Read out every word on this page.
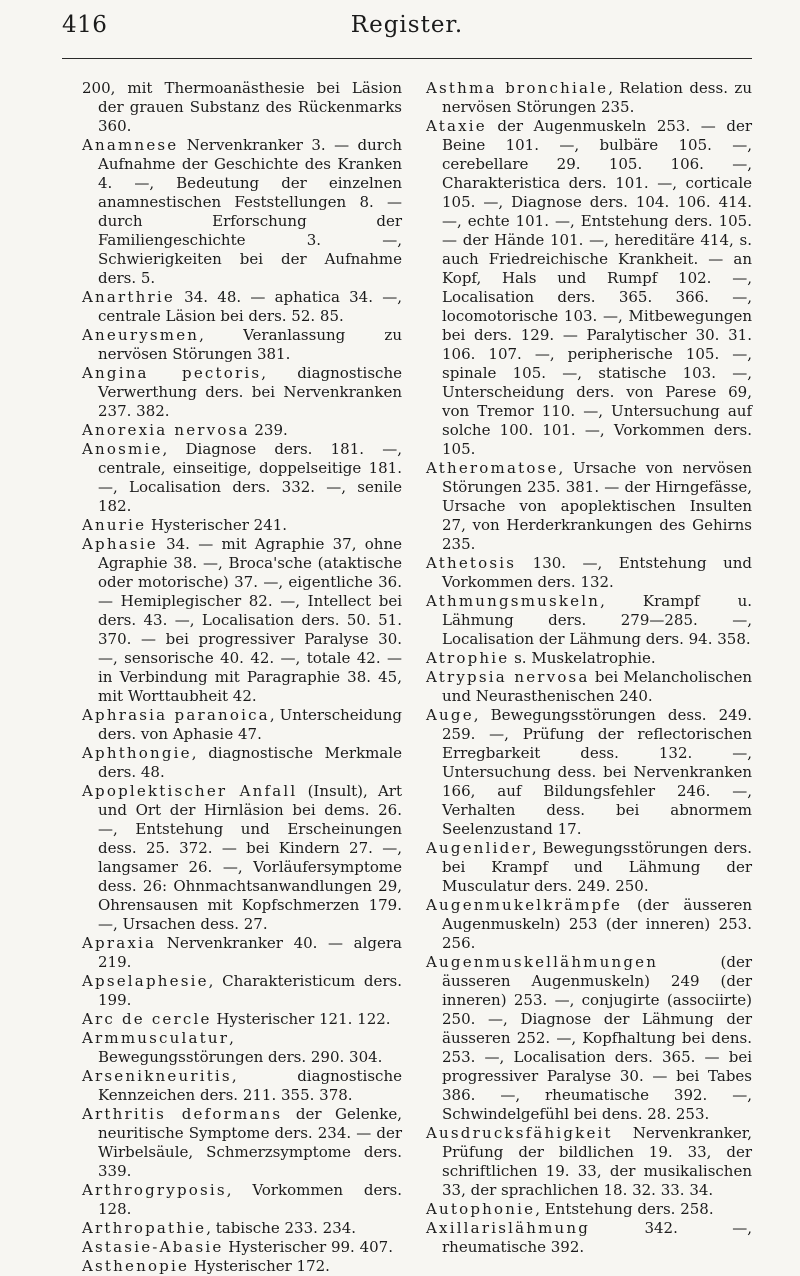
416	Register.

200, mit Thermoanästhesie bei Läsion der grauen Substanz des Rückenmarks 360.

Anamnese Nervenkranker 3. — durch Aufnahme der Geschichte des Kranken 4. —, Bedeutung der einzelnen anamnestischen Feststellungen 8. — durch Erforschung der Familiengeschichte 3. —, Schwierigkeiten bei der Aufnahme ders. 5.

Anarthrie 34. 48. — aphatica 34. —, centrale Läsion bei ders. 52. 85.

Aneurysmen, Veranlassung zu nervösen Störungen 381.

Angina pectoris, diagnostische Verwerthung ders. bei Nervenkranken 237. 382.

Anorexia nervosa 239.

Anosmie, Diagnose ders. 181. —, centrale, einseitige, doppelseitige 181. —, Localisation ders. 332. —, senile 182.

Anurie Hysterischer 241.

Aphasie 34. — mit Agraphie 37, ohne Agraphie 38. —, Broca'sche (ataktische oder motorische) 37. —, eigentliche 36. — Hemiplegischer 82. —, Intellect bei ders. 43. —, Localisation ders. 50. 51. 370. — bei progressiver Paralyse 30. —, sensorische 40. 42. —, totale 42. — in Verbindung mit Paragraphie 38. 45, mit Worttaubheit 42.

Aphrasia paranoica, Unterscheidung ders. von Aphasie 47.

Aphthongie, diagnostische Merkmale ders. 48.

Apoplektischer Anfall (Insult), Art und Ort der Hirnläsion bei dems. 26. —, Entstehung und Erscheinungen dess. 25. 372. — bei Kindern 27. —, langsamer 26. —, Vorläufersymptome dess. 26: Ohnmachtsanwandlungen 29, Ohrensausen mit Kopfschmerzen 179. —, Ursachen dess. 27.

Apraxia Nervenkranker 40. — algera 219.

Apselaphesie, Charakteristicum ders. 199.

Arc de cercle Hysterischer 121. 122.

Armmusculatur, Bewegungsstörungen ders. 290. 304.

Arsenikneuritis, diagnostische Kennzeichen ders. 211. 355. 378.

Arthritis deformans der Gelenke, neuritische Symptome ders. 234. — der Wirbelsäule, Schmerzsymptome ders. 339.

Arthrogryposis, Vorkommen ders. 128.

Arthropathie, tabische 233. 234.

Astasie-Abasie Hysterischer 99. 407.

Asthenopie Hysterischer 172.

Asthma bronchiale, Relation dess. zu nervösen Störungen 235.

Ataxie der Augenmuskeln 253. — der Beine 101. —, bulbäre 105. —, cerebellare 29. 105. 106. —, Charakteristica ders. 101. —, corticale 105. —, Diagnose ders. 104. 106. 414. —, echte 101. —, Entstehung ders. 105. — der Hände 101. —, hereditäre 414, s. auch Friedreichische Krankheit. — an Kopf, Hals und Rumpf 102. —, Localisation ders. 365. 366. —, locomotorische 103. —, Mitbewegungen bei ders. 129. — Paralytischer 30. 31. 106. 107. —, peripherische 105. —, spinale 105. —, statische 103. —, Unterscheidung ders. von Parese 69, von Tremor 110. —, Untersuchung auf solche 100. 101. —, Vorkommen ders. 105.

Atheromatose, Ursache von nervösen Störungen 235. 381. — der Hirngefässe, Ursache von apoplektischen Insulten 27, von Herderkrankungen des Gehirns 235.

Athetosis 130. —, Entstehung und Vorkommen ders. 132.

Athmungsmuskeln, Krampf u. Lähmung ders. 279—285. —, Localisation der Lähmung ders. 94. 358.

Atrophie s. Muskelatrophie.

Atrypsia nervosa bei Melancholischen und Neurasthenischen 240.

Auge, Bewegungsstörungen dess. 249. 259. —, Prüfung der reflectorischen Erregbarkeit dess. 132. —, Untersuchung dess. bei Nervenkranken 166, auf Bildungsfehler 246. —, Verhalten dess. bei abnormem Seelenzustand 17.

Augenlider, Bewegungsstörungen ders. bei Krampf und Lähmung der Musculatur ders. 249. 250.

Augenmukelkrämpfe (der äusseren Augenmuskeln) 253 (der inneren) 253. 256.

Augenmuskellähmungen (der äusseren Augenmuskeln) 249 (der inneren) 253. —, conjugirte (associirte) 250. —, Diagnose der Lähmung der äusseren 252. —, Kopfhaltung bei dens. 253. —, Localisation ders. 365. — bei progressiver Paralyse 30. — bei Tabes 386. —, rheumatische 392. —, Schwindelgefühl bei dens. 28. 253.

Ausdrucksfähigkeit Nervenkranker, Prüfung der bildlichen 19. 33, der schriftlichen 19. 33, der musikalischen 33, der sprachlichen 18. 32. 33. 34.

Autophonie, Entstehung ders. 258.

Axillarislähmung 342. —, rheumatische 392.
